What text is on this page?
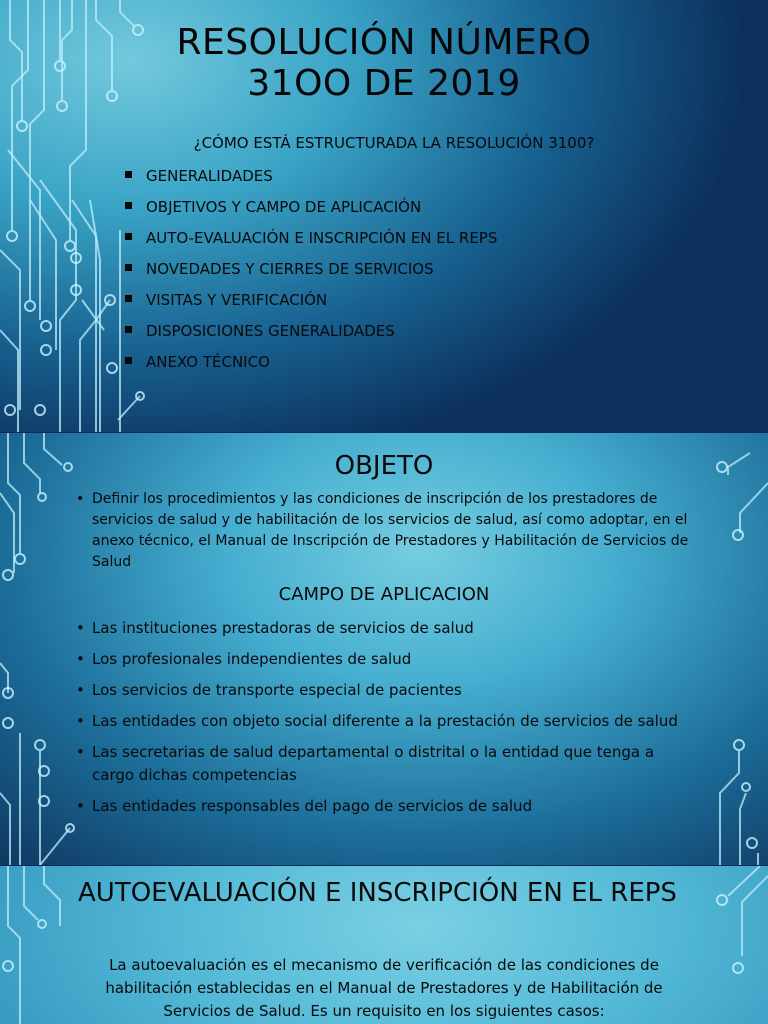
RESOLUCIÓN NÚMERO
31OO DE 2019

¿CÓMO ESTÁ ESTRUCTURADA LA RESOLUCIÓN 3100?

GENERALIDADES
OBJETIVOS Y CAMPO DE APLICACIÓN
AUTO-EVALUACIÓN E INSCRIPCIÓN EN EL REPS
NOVEDADES Y CIERRES DE SERVICIOS
VISITAS Y VERIFICACIÓN
DISPOSICIONES GENERALIDADES
ANEXO TÉCNICO
OBJETO
• Definir los procedimientos y las condiciones de inscripción de los prestadores de servicios de salud y de habilitación de los servicios de salud, así como adoptar, en el anexo técnico, el Manual de Inscripción de Prestadores y Habilitación de Servicios de Salud
CAMPO DE APLICACION
• Las instituciones prestadoras de servicios de salud
• Los profesionales independientes de salud
• Los servicios de transporte especial de pacientes
• Las entidades con objeto social diferente a la prestación de servicios de salud
• Las secretarias de salud departamental o distrital o la entidad que tenga a cargo dichas competencias
• Las entidades responsables del pago de servicios de salud
AUTOEVALUACIÓN E INSCRIPCIÓN EN EL REPS

La autoevaluación es el mecanismo de verificación de las condiciones de habilitación establecidas en el Manual de Prestadores y de Habilitación de Servicios de Salud. Es un requisito en los siguientes casos:
